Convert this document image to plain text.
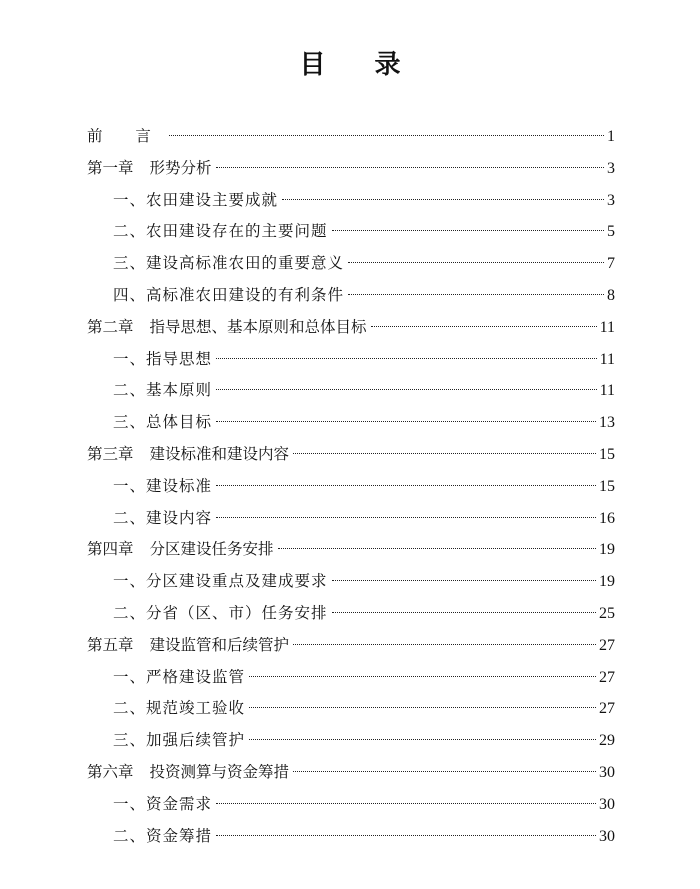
目 录
前 言	1
第一章 形势分析	3
一、 农田建设主要成就	3
二、 农田建设存在的主要问题	5
三、 建设高标准农田的重要意义	7
四、 高标准农田建设的有利条件	8
第二章 指导思想、基本原则和总体目标	11
一、 指导思想	11
二、 基本原则	11
三、 总体目标	13
第三章 建设标准和建设内容	15
一、 建设标准	15
二、 建设内容	16
第四章 分区建设任务安排	19
一、 分区建设重点及建成要求	19
二、 分省（区、市）任务安排	25
第五章 建设监管和后续管护	27
一、 严格建设监管	27
二、 规范竣工验收	27
三、 加强后续管护	29
第六章 投资测算与资金筹措	30
一、 资金需求	30
二、 资金筹措	30
